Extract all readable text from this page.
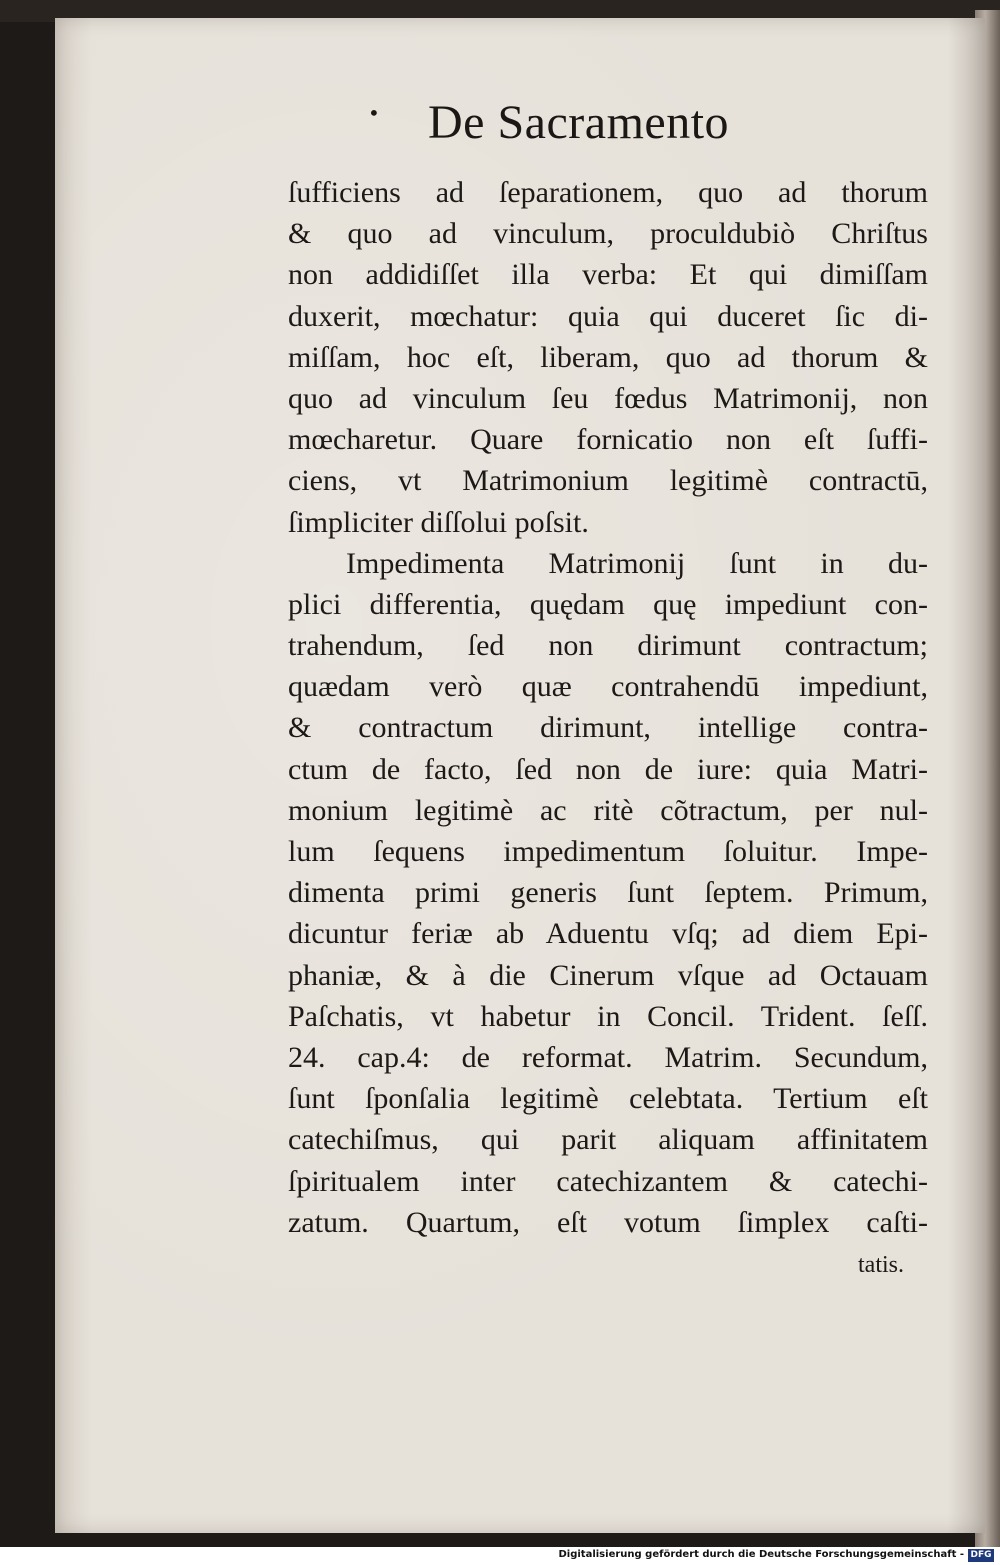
• De Sacramento
ſufficiens ad ſeparationem, quo ad thorum
& quo ad vinculum, proculdubiò Chriſtus
non addidiſſet illa verba: Et qui dimiſſam
duxerit, mœchatur: quia qui duceret ſic di-
miſſam, hoc eſt, liberam, quo ad thorum &
quo ad vinculum ſeu fœdus Matrimonij, non
mœcharetur. Quare fornicatio non eſt ſuffi-
ciens, vt Matrimonium legitimè contractū,
ſimpliciter diſſolui poſsit.
Impedimenta Matrimonij ſunt in du-
plici differentia, quędam quę impediunt con-
trahendum, ſed non dirimunt contractum;
quædam verò quæ contrahendū impediunt,
& contractum dirimunt, intellige contra-
ctum de facto, ſed non de iure: quia Matri-
monium legitimè ac ritè cõtractum, per nul-
lum ſequens impedimentum ſoluitur. Impe-
dimenta primi generis ſunt ſeptem. Primum,
dicuntur feriæ ab Aduentu vſq; ad diem Epi-
phaniæ, & à die Cinerum vſque ad Octauam
Paſchatis, vt habetur in Concil. Trident. ſeſſ.
24. cap.4: de reformat. Matrim. Secundum,
ſunt ſponſalia legitimè celebtata. Tertium eſt
catechiſmus, qui parit aliquam affinitatem
ſpiritualem inter catechizantem & catechi-
zatum. Quartum, eſt votum ſimplex caſti-
tatis.
Digitalisierung gefördert durch die Deutsche Forschungsgemeinschaft - DFG
